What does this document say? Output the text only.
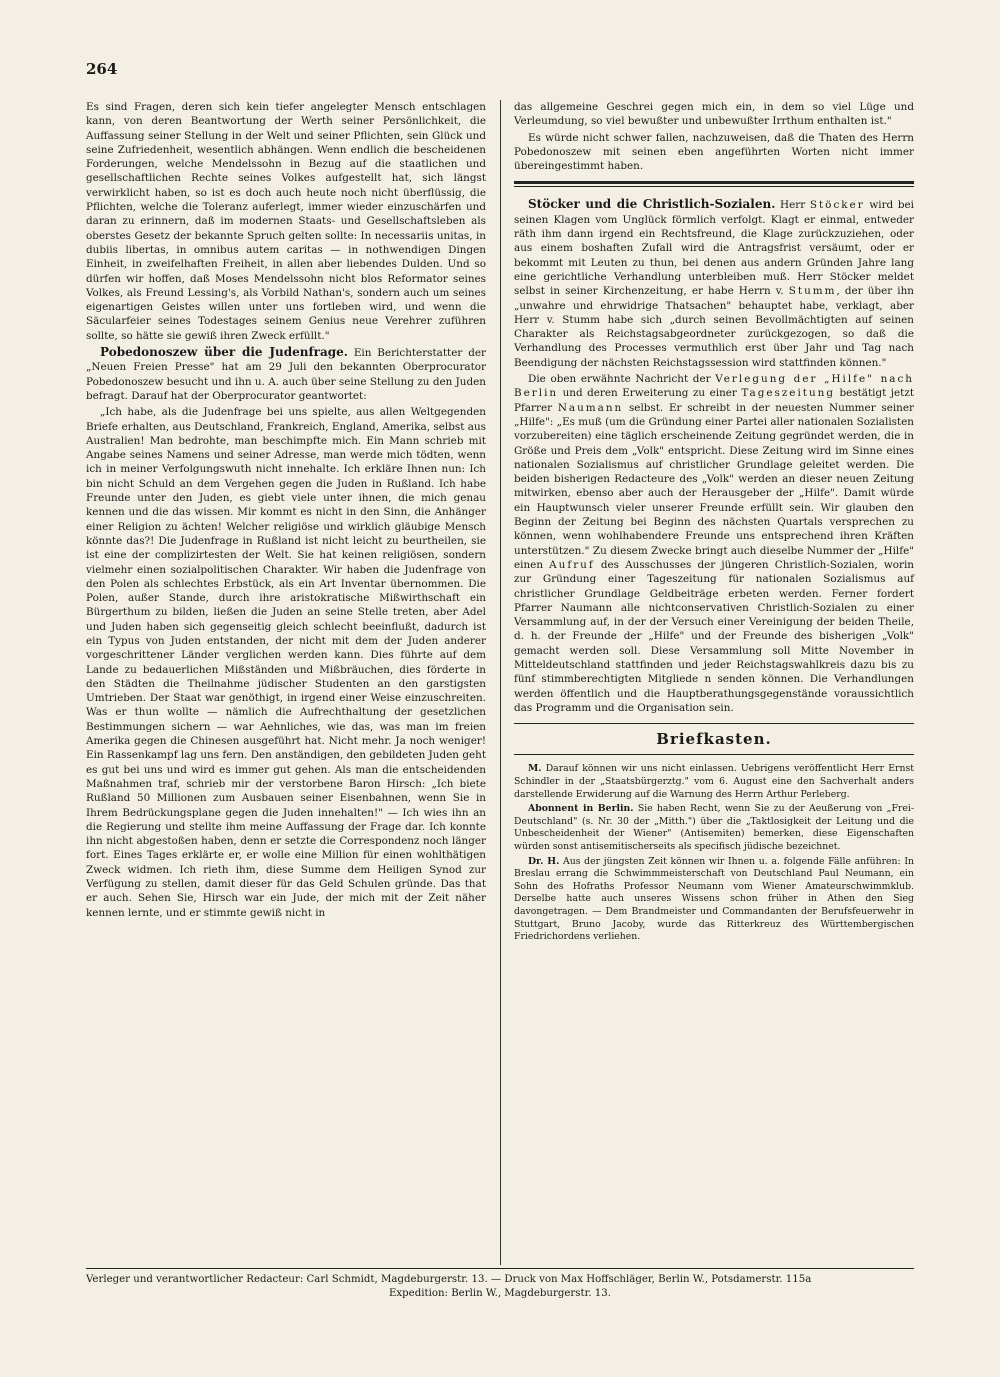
264

Es sind Fragen, deren sich kein tiefer angelegter Mensch entschlagen kann, von deren Beantwortung der Werth seiner Persönlichkeit, die Auffassung seiner Stellung in der Welt und seiner Pflichten, sein Glück und seine Zufriedenheit, wesentlich abhängen. Wenn endlich die bescheidenen Forderungen, welche Mendelssohn in Bezug auf die staatlichen und gesellschaftlichen Rechte seines Volkes aufgestellt hat, sich längst verwirklicht haben, so ist es doch auch heute noch nicht überflüssig, die Pflichten, welche die Toleranz auferlegt, immer wieder einzuschärfen und daran zu erinnern, daß im modernen Staats- und Gesellschaftsleben als oberstes Gesetz der bekannte Spruch gelten sollte: In necessariis unitas, in dubiis libertas, in omnibus autem caritas — in nothwendigen Dingen Einheit, in zweifelhaften Freiheit, in allen aber liebendes Dulden. Und so dürfen wir hoffen, daß Moses Mendelssohn nicht blos Reformator seines Volkes, als Freund Lessing's, als Vorbild Nathan's, sondern auch um seines eigenartigen Geistes willen unter uns fortleben wird, und wenn die Säcularfeier seines Todestages seinem Genius neue Verehrer zuführen sollte, so hätte sie gewiß ihren Zweck erfüllt."

Pobedonoszew über die Judenfrage. Ein Berichterstatter der „Neuen Freien Presse" hat am 29 Juli den bekannten Oberprocurator Pobedonoszew besucht und ihn u. A. auch über seine Stellung zu den Juden befragt. Darauf hat der Oberprocurator geantwortet:

„Ich habe, als die Judenfrage bei uns spielte, aus allen Weltgegenden Briefe erhalten, aus Deutschland, Frankreich, England, Amerika, selbst aus Australien! Man bedrohte, man beschimpfte mich. Ein Mann schrieb mit Angabe seines Namens und seiner Adresse, man werde mich tödten, wenn ich in meiner Verfolgungswuth nicht innehalte. Ich erkläre Ihnen nun: Ich bin nicht Schuld an dem Vergehen gegen die Juden in Rußland. Ich habe Freunde unter den Juden, es giebt viele unter ihnen, die mich genau kennen und die das wissen. Mir kommt es nicht in den Sinn, die Anhänger einer Religion zu ächten! Welcher religiöse und wirklich gläubige Mensch könnte das?! Die Judenfrage in Rußland ist nicht leicht zu beurtheilen, sie ist eine der complizirtesten der Welt. Sie hat keinen religiösen, sondern vielmehr einen sozialpolitischen Charakter. Wir haben die Judenfrage von den Polen als schlechtes Erbstück, als ein Art Inventar übernommen. Die Polen, außer Stande, durch ihre aristokratische Mißwirthschaft ein Bürgerthum zu bilden, ließen die Juden an seine Stelle treten, aber Adel und Juden haben sich gegenseitig gleich schlecht beeinflußt, dadurch ist ein Typus von Juden entstanden, der nicht mit dem der Juden anderer vorgeschrittener Länder verglichen werden kann. Dies führte auf dem Lande zu bedauerlichen Mißständen und Mißbräuchen, dies förderte in den Städten die Theilnahme jüdischer Studenten an den garstigsten Umtrieben. Der Staat war genöthigt, in irgend einer Weise einzuschreiten. Was er thun wollte — nämlich die Aufrechthaltung der gesetzlichen Bestimmungen sichern — war Aehnliches, wie das, was man im freien Amerika gegen die Chinesen ausgeführt hat. Nicht mehr. Ja noch weniger! Ein Rassenkampf lag uns fern. Den anständigen, den gebildeten Juden geht es gut bei uns und wird es immer gut gehen. Als man die entscheidenden Maßnahmen traf, schrieb mir der verstorbene Baron Hirsch: „Ich biete Rußland 50 Millionen zum Ausbauen seiner Eisenbahnen, wenn Sie in Ihrem Bedrückungsplane gegen die Juden innehalten!" — Ich wies ihn an die Regierung und stellte ihm meine Auffassung der Frage dar. Ich konnte ihn nicht abgestoßen haben, denn er setzte die Correspondenz noch länger fort. Eines Tages erklärte er, er wolle eine Million für einen wohlthätigen Zweck widmen. Ich rieth ihm, diese Summe dem Heiligen Synod zur Verfügung zu stellen, damit dieser für das Geld Schulen gründe. Das that er auch. Sehen Sie, Hirsch war ein Jude, der mich mit der Zeit näher kennen lernte, und er stimmte gewiß nicht in

das allgemeine Geschrei gegen mich ein, in dem so viel Lüge und Verleumdung, so viel bewußter und unbewußter Irrthum enthalten ist."

Es würde nicht schwer fallen, nachzuweisen, daß die Thaten des Herrn Pobedonoszew mit seinen eben angeführten Worten nicht immer übereingestimmt haben.

Stöcker und die Christlich-Sozialen. Herr Stöcker wird bei seinen Klagen vom Unglück förmlich verfolgt. Klagt er einmal, entweder räth ihm dann irgend ein Rechtsfreund, die Klage zurückzuziehen, oder aus einem boshaften Zufall wird die Antragsfrist versäumt, oder er bekommt mit Leuten zu thun, bei denen aus andern Gründen Jahre lang eine gerichtliche Verhandlung unterbleiben muß. Herr Stöcker meldet selbst in seiner Kirchenzeitung, er habe Herrn v. Stumm, der über ihn „unwahre und ehrwidrige Thatsachen" behauptet habe, verklagt, aber Herr v. Stumm habe sich „durch seinen Bevollmächtigten auf seinen Charakter als Reichstagsabgeordneter zurückgezogen, so daß die Verhandlung des Processes vermuthlich erst über Jahr und Tag nach Beendigung der nächsten Reichstagssession wird stattfinden können."

Die oben erwähnte Nachricht der Verlegung der „Hilfe" nach Berlin und deren Erweiterung zu einer Tageszeitung bestätigt jetzt Pfarrer Naumann selbst. Er schreibt in der neuesten Nummer seiner „Hilfe": „Es muß (um die Gründung einer Partei aller nationalen Sozialisten vorzubereiten) eine täglich erscheinende Zeitung gegründet werden, die in Größe und Preis dem „Volk" entspricht. Diese Zeitung wird im Sinne eines nationalen Sozialismus auf christlicher Grundlage geleitet werden. Die beiden bisherigen Redacteure des „Volk" werden an dieser neuen Zeitung mitwirken, ebenso aber auch der Herausgeber der „Hilfe". Damit würde ein Hauptwunsch vieler unserer Freunde erfüllt sein. Wir glauben den Beginn der Zeitung bei Beginn des nächsten Quartals versprechen zu können, wenn wohlhabendere Freunde uns entsprechend ihren Kräften unterstützen." Zu diesem Zwecke bringt auch dieselbe Nummer der „Hilfe" einen Aufruf des Ausschusses der jüngeren Christlich-Sozialen, worin zur Gründung einer Tageszeitung für nationalen Sozialismus auf christlicher Grundlage Geldbeiträge erbeten werden. Ferner fordert Pfarrer Naumann alle nichtconservativen Christlich-Sozialen zu einer Versammlung auf, in der der Versuch einer Vereinigung der beiden Theile, d. h. der Freunde der „Hilfe" und der Freunde des bisherigen „Volk" gemacht werden soll. Diese Versammlung soll Mitte November in Mitteldeutschland stattfinden und jeder Reichstagswahlkreis dazu bis zu fünf stimmberechtigten Mitgliede n senden können. Die Verhandlungen werden öffentlich und die Hauptberathungsgegenstände voraussichtlich das Programm und die Organisation sein.

Briefkasten.

M. Darauf können wir uns nicht einlassen. Uebrigens veröffentlicht Herr Ernst Schindler in der „Staatsbürgerztg." vom 6. August eine den Sachverhalt anders darstellende Erwiderung auf die Warnung des Herrn Arthur Perleberg.

Abonnent in Berlin. Sie haben Recht, wenn Sie zu der Aeußerung von „Frei-Deutschland" (s. Nr. 30 der „Mitth.") über die „Taktlosigkeit der Leitung und die Unbescheidenheit der Wiener" (Antisemiten) bemerken, diese Eigenschaften würden sonst antisemitischerseits als specifisch jüdische bezeichnet.

Dr. H. Aus der jüngsten Zeit können wir Ihnen u. a. folgende Fälle anführen: In Breslau errang die Schwimmmeisterschaft von Deutschland Paul Neumann, ein Sohn des Hofraths Professor Neumann vom Wiener Amateurschwimmklub. Derselbe hatte auch unseres Wissens schon früher in Athen den Sieg davongetragen. — Dem Brandmeister und Commandanten der Berufsfeuerwehr in Stuttgart, Bruno Jacoby, wurde das Ritterkreuz des Württembergischen Friedrichordens verliehen.

Verleger und verantwortlicher Redacteur: Carl Schmidt, Magdeburgerstr. 13. — Druck von Max Hoffschläger, Berlin W., Potsdamerstr. 115a
Expedition: Berlin W., Magdeburgerstr. 13.
